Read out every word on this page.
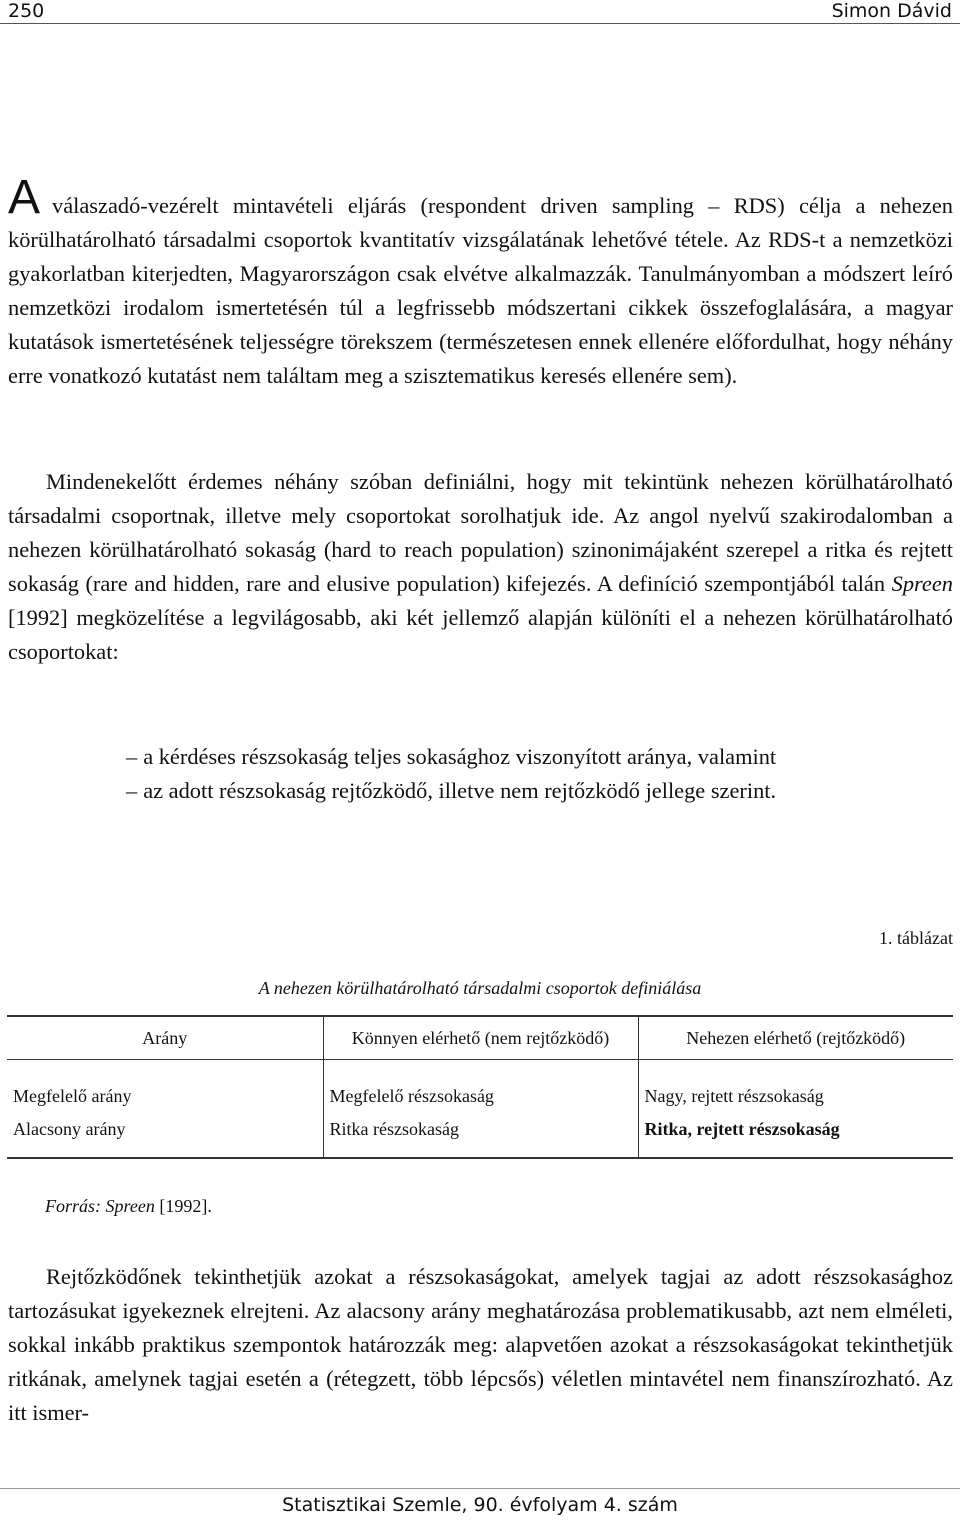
250	Simon Dávid

Aválaszadó-vezérelt mintavételi eljárás (respondent driven sampling – RDS) célja a nehezen körülhatárolható társadalmi csoportok kvantitatív vizsgálatának lehetővé tétele. Az RDS-t a nemzetközi gyakorlatban kiterjedten, Magyarországon csak elvétve alkalmazzák. Tanulmányomban a módszert leíró nemzetközi irodalom ismertetésén túl a legfrissebb módszertani cikkek összefoglalására, a magyar kutatások ismertetésének teljességre törekszem (természetesen ennek ellenére előfordulhat, hogy néhány erre vonatkozó kutatást nem találtam meg a szisztematikus keresés ellenére sem).

Mindenekelőtt érdemes néhány szóban definiálni, hogy mit tekintünk nehezen körülhatárolható társadalmi csoportnak, illetve mely csoportokat sorolhatjuk ide. Az angol nyelvű szakirodalomban a nehezen körülhatárolható sokaság (hard to reach population) szinonimájaként szerepel a ritka és rejtett sokaság (rare and hidden, rare and elusive population) kifejezés. A definíció szempontjából talán Spreen [1992] megközelítése a legvilágosabb, aki két jellemző alapján különíti el a nehezen körülhatárolható csoportokat:

– a kérdéses részsokaság teljes sokasághoz viszonyított aránya, valamint
– az adott részsokaság rejtőzködő, illetve nem rejtőzködő jellege szerint.
1. táblázat
A nehezen körülhatárolható társadalmi csoportok definiálása
Arány	Könnyen elérhető (nem rejtőzködő)	Nehezen elérhető (rejtőzködő)
Megfelelő arány	Megfelelő részsokaság	Nagy, rejtett részsokaság
Alacsony arány	Ritka részsokaság	Ritka, rejtett részsokaság
Forrás: Spreen [1992].

Rejtőzködőnek tekinthetjük azokat a részsokaságokat, amelyek tagjai az adott részsokasághoz tartozásukat igyekeznek elrejteni. Az alacsony arány meghatározása problematikusabb, azt nem elméleti, sokkal inkább praktikus szempontok határozzák meg: alapvetően azokat a részsokaságokat tekinthetjük ritkának, amelynek tagjai esetén a (rétegzett, több lépcsős) véletlen mintavétel nem finanszírozható. Az itt ismer-

Statisztikai Szemle, 90. évfolyam 4. szám
